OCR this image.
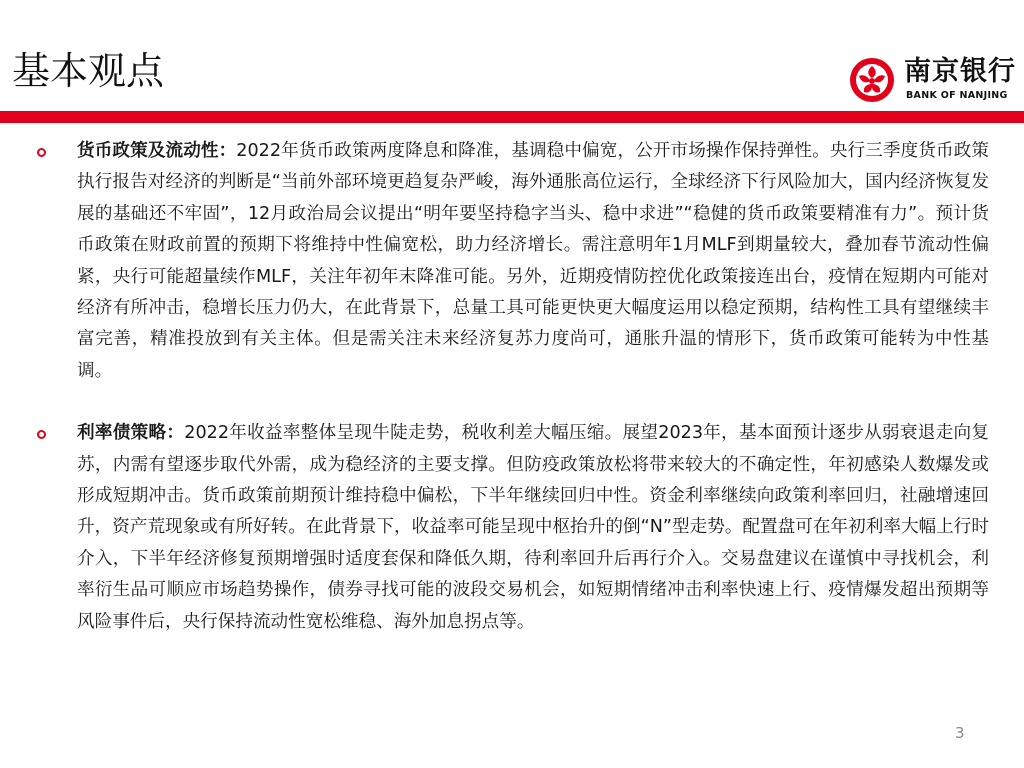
基本观点	南京银行
BANK OF NANJING

货币政策及流动性：2022年货币政策两度降息和降准，基调稳中偏宽，公开市场操作保持弹性。央行三季度货币政策执行报告对经济的判断是“当前外部环境更趋复杂严峻，海外通胀高位运行，全球经济下行风险加大，国内经济恢复发展的基础还不牢固”，12月政治局会议提出“明年要坚持稳字当头、稳中求进”“稳健的货币政策要精准有力”。预计货币政策在财政前置的预期下将维持中性偏宽松，助力经济增长。需注意明年1月MLF到期量较大，叠加春节流动性偏紧，央行可能超量续作MLF，关注年初年末降准可能。另外，近期疫情防控优化政策接连出台，疫情在短期内可能对经济有所冲击，稳增长压力仍大，在此背景下，总量工具可能更快更大幅度运用以稳定预期，结构性工具有望继续丰富完善，精准投放到有关主体。但是需关注未来经济复苏力度尚可，通胀升温的情形下，货币政策可能转为中性基调。

利率债策略：2022年收益率整体呈现牛陡走势，税收利差大幅压缩。展望2023年，基本面预计逐步从弱衰退走向复苏，内需有望逐步取代外需，成为稳经济的主要支撑。但防疫政策放松将带来较大的不确定性，年初感染人数爆发或形成短期冲击。货币政策前期预计维持稳中偏松，下半年继续回归中性。资金利率继续向政策利率回归，社融增速回升，资产荒现象或有所好转。在此背景下，收益率可能呈现中枢抬升的倒“N”型走势。配置盘可在年初利率大幅上行时介入，下半年经济修复预期增强时适度套保和降低久期，待利率回升后再行介入。交易盘建议在谨慎中寻找机会，利率衍生品可顺应市场趋势操作，债券寻找可能的波段交易机会，如短期情绪冲击利率快速上行、疫情爆发超出预期等风险事件后，央行保持流动性宽松维稳、海外加息拐点等。

3
